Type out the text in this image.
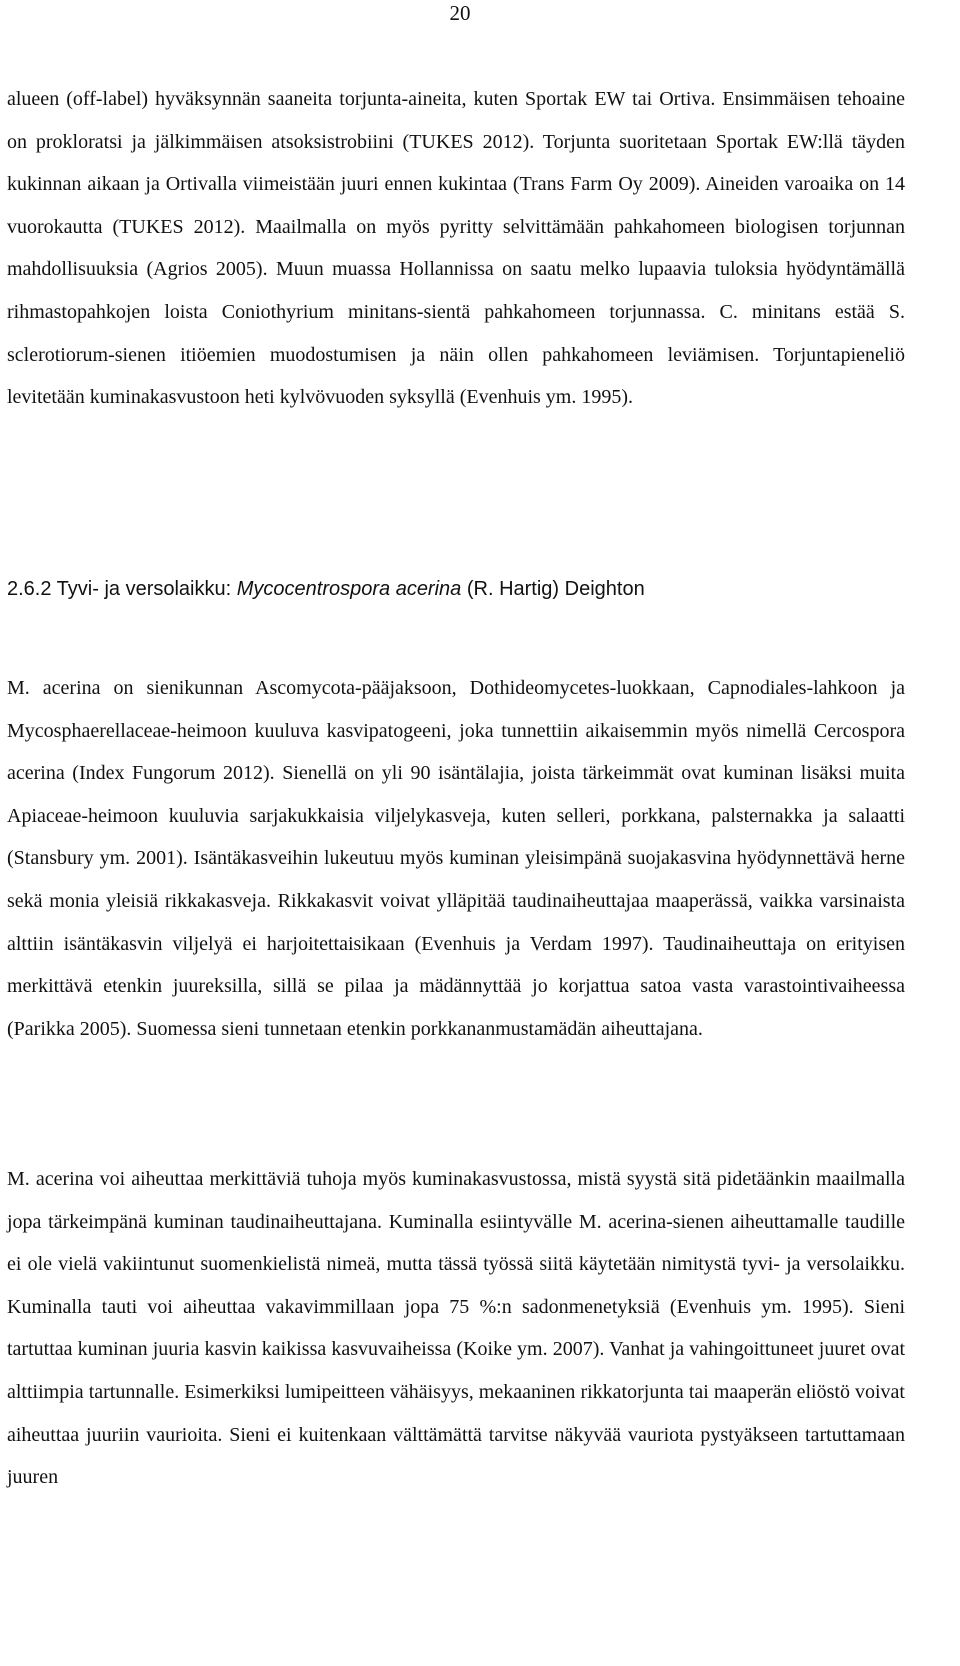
20

alueen (off-label) hyväksynnän saaneita torjunta-aineita, kuten Sportak EW tai Ortiva. Ensimmäisen tehoaine on prokloratsi ja jälkimmäisen atsoksistrobiini (TUKES 2012). Torjunta suoritetaan Sportak EW:llä täyden kukinnan aikaan ja Ortivalla viimeistään juuri ennen kukintaa (Trans Farm Oy 2009). Aineiden varoaika on 14 vuorokautta (TUKES 2012). Maailmalla on myös pyritty selvittämään pahkahomeen biologisen torjunnan mahdollisuuksia (Agrios 2005). Muun muassa Hollannissa on saatu melko lupaavia tuloksia hyödyntämällä rihmastopahkojen loista Coniothyrium minitans-sientä pahkahomeen torjunnassa. C. minitans estää S. sclerotiorum-sienen itiöemien muodostumisen ja näin ollen pahkahomeen leviämisen. Torjuntapieneliö levitetään kuminakasvustoon heti kylvövuoden syksyllä (Evenhuis ym. 1995).

2.6.2 Tyvi- ja versolaikku: Mycocentrospora acerina (R. Hartig) Deighton

M. acerina on sienikunnan Ascomycota-pääjaksoon, Dothideomycetes-luokkaan, Capnodiales-lahkoon ja Mycosphaerellaceae-heimoon kuuluva kasvipatogeeni, joka tunnettiin aikaisemmin myös nimellä Cercospora acerina (Index Fungorum 2012). Sienellä on yli 90 isäntälajia, joista tärkeimmät ovat kuminan lisäksi muita Apiaceae-heimoon kuuluvia sarjakukkaisia viljelykasveja, kuten selleri, porkkana, palsternakka ja salaatti (Stansbury ym. 2001). Isäntäkasveihin lukeutuu myös kuminan yleisimpänä suojakasvina hyödynnettävä herne sekä monia yleisiä rikkakasveja. Rikkakasvit voivat ylläpitää taudinaiheuttajaa maaperässä, vaikka varsinaista alttiin isäntäkasvin viljelyä ei harjoitettaisikaan (Evenhuis ja Verdam 1997). Taudinaiheuttaja on erityisen merkittävä etenkin juureksilla, sillä se pilaa ja mädännyttää jo korjattua satoa vasta varastointivaiheessa (Parikka 2005). Suomessa sieni tunnetaan etenkin porkkananmustamädän aiheuttajana.

M. acerina voi aiheuttaa merkittäviä tuhoja myös kuminakasvustossa, mistä syystä sitä pidetäänkin maailmalla jopa tärkeimpänä kuminan taudinaiheuttajana. Kuminalla esiintyvälle M. acerina-sienen aiheuttamalle taudille ei ole vielä vakiintunut suomenkielistä nimeä, mutta tässä työssä siitä käytetään nimitystä tyvi- ja versolaikku. Kuminalla tauti voi aiheuttaa vakavimmillaan jopa 75 %:n sadonmenetyksiä (Evenhuis ym. 1995). Sieni tartuttaa kuminan juuria kasvin kaikissa kasvuvaiheissa (Koike ym. 2007). Vanhat ja vahingoittuneet juuret ovat alttiimpia tartunnalle. Esimerkiksi lumipeitteen vähäisyys, mekaaninen rikkatorjunta tai maaperän eliöstö voivat aiheuttaa juuriin vaurioita. Sieni ei kuitenkaan välttämättä tarvitse näkyvää vauriota pystyäkseen tartuttamaan juuren
